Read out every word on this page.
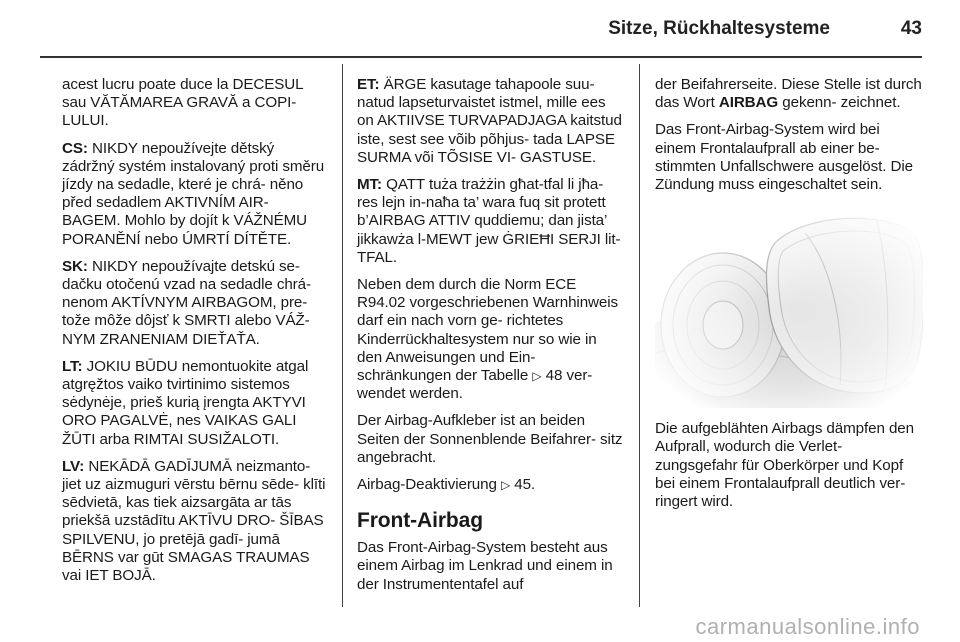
Sitze, Rückhaltesysteme	43

acest lucru poate duce la DECESUL sau VĂTĂMAREA GRAVĂ a COPI- LULUI.

CS: NIKDY nepoužívejte dětský zádržný systém instalovaný proti směru jízdy na sedadle, které je chrá- něno před sedadlem AKTIVNÍM AIR- BAGEM. Mohlo by dojít k VÁŽNÉMU PORANĚNÍ nebo ÚMRTÍ DÍTĚTE.

SK: NIKDY nepoužívajte detskú se- dačku otočenú vzad na sedadle chrá- nenom AKTÍVNYM AIRBAGOM, pre- tože môže dôjsť k SMRTI alebo VÁŽ- NYM ZRANENIAM DIEŤAŤA.

LT: JOKIU BŪDU nemontuokite atgal atgręžtos vaiko tvirtinimo sistemos sėdynėje, prieš kurią įrengta AKTYVI ORO PAGALVĖ, nes VAIKAS GALI ŽŪTI arba RIMTAI SUSIŽALOTI.

LV: NEKĀDĀ GADĪJUMĀ neizmanto- jiet uz aizmuguri vērstu bērnu sēde- klīti sēdvietā, kas tiek aizsargāta ar tās priekšā uzstādītu AKTĪVU DRO- ŠĪBAS SPILVENU, jo pretējā gadī- jumā BĒRNS var gūt SMAGAS TRAUMAS vai IET BOJĀ.

ET: ÄRGE kasutage tahapoole suu- natud lapseturvaistet istmel, mille ees on AKTIIVSE TURVAPADJAGA kaitstud iste, sest see võib põhjus- tada LAPSE SURMA või TÕSISE VI- GASTUSE.

MT: QATT tuża trażżin għat-tfal li jħa- res lejn in-naħa ta’ wara fuq sit protett b’AIRBAG ATTIV quddiemu; dan jista’ jikkawża l-MEWT jew ĠRIEĦI SERJI lit-TFAL.

Neben dem durch die Norm ECE R94.02 vorgeschriebenen Warnhinweis darf ein nach vorn ge- richtetes Kinderrückhaltesystem nur so wie in den Anweisungen und Ein- schränkungen der Tabelle ▷ 48 ver- wendet werden.

Der Airbag-Aufkleber ist an beiden Seiten der Sonnenblende Beifahrer- sitz angebracht.

Airbag-Deaktivierung ▷ 45.

Front-Airbag

Das Front-Airbag-System besteht aus einem Airbag im Lenkrad und einem in der Instrumententafel auf

der Beifahrerseite. Diese Stelle ist durch das Wort AIRBAG gekenn- zeichnet.

Das Front-Airbag-System wird bei einem Frontalaufprall ab einer be- stimmten Unfallschwere ausgelöst. Die Zündung muss eingeschaltet sein.

Die aufgeblähten Airbags dämpfen den Aufprall, wodurch die Verlet- zungsgefahr für Oberkörper und Kopf bei einem Frontalaufprall deutlich ver- ringert wird.

carmanualsonline.info
